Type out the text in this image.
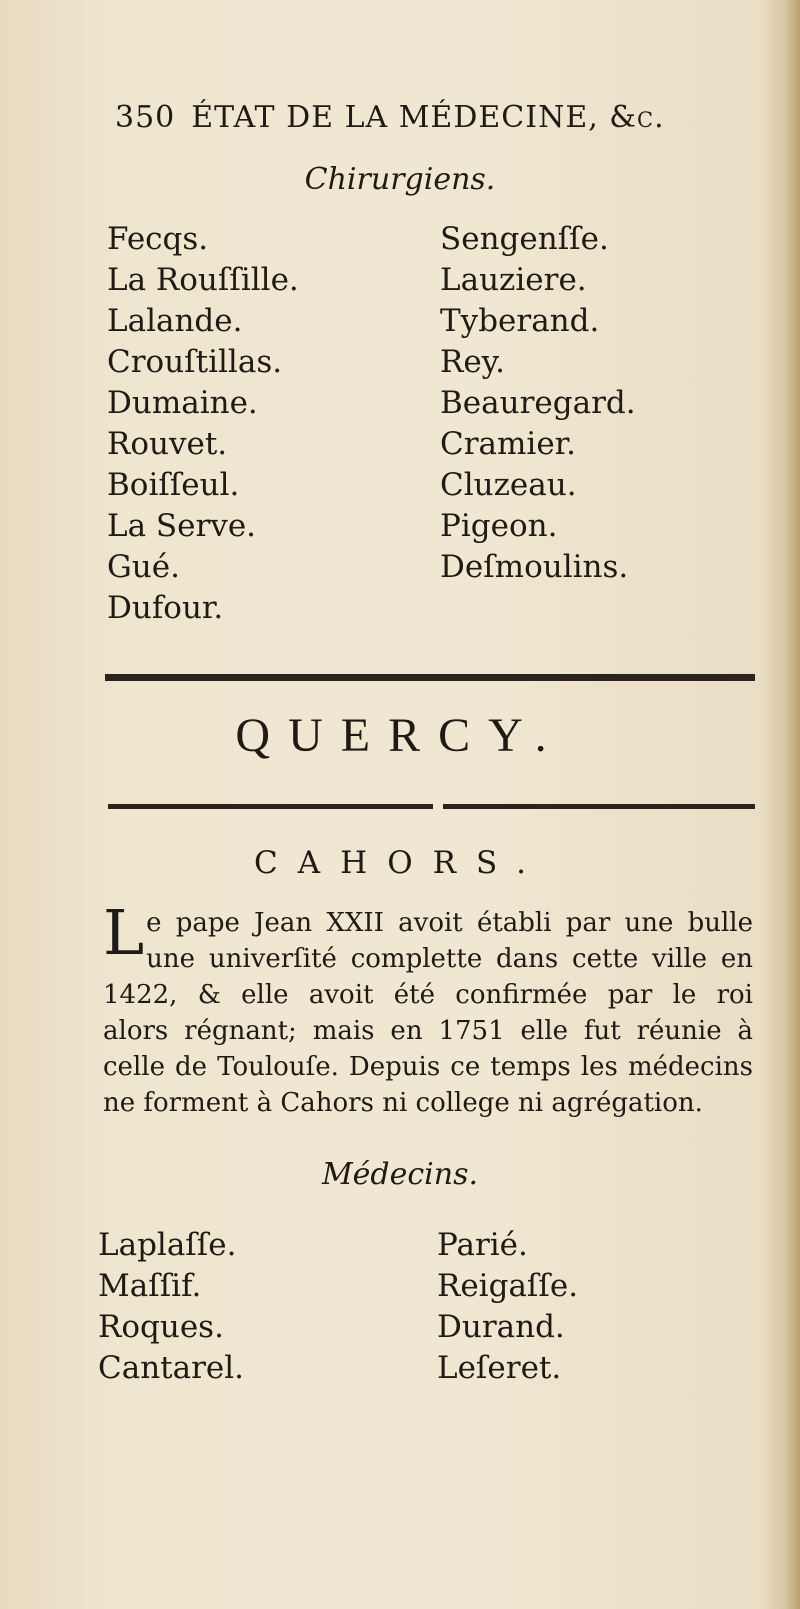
350 ÉTAT DE LA MÉDECINE, &c.
Chirurgiens.
Fecqs.
La Rouſſille.
Lalande.
Crouſtillas.
Dumaine.
Rouvet.
Boiſſeul.
La Serve.
Gué.
Dufour.
Sengenſſe.
Lauziere.
Tyberand.
Rey.
Beauregard.
Cramier.
Cluzeau.
Pigeon.
Deſmoulins.
QUERCY.
CAHORS.
L e pape Jean XXII avoit établi par une bulle
une univerſité complette dans cette ville en
1422, & elle avoit été confirmée par le roi
alors régnant; mais en 1751 elle fut réunie à
celle de Toulouſe. Depuis ce temps les médecins
ne forment à Cahors ni college ni agrégation.
Médecins.
Laplaſſe.
Maſſif.
Roques.
Cantarel.
Parié.
Reigaſſe.
Durand.
Leſeret.
